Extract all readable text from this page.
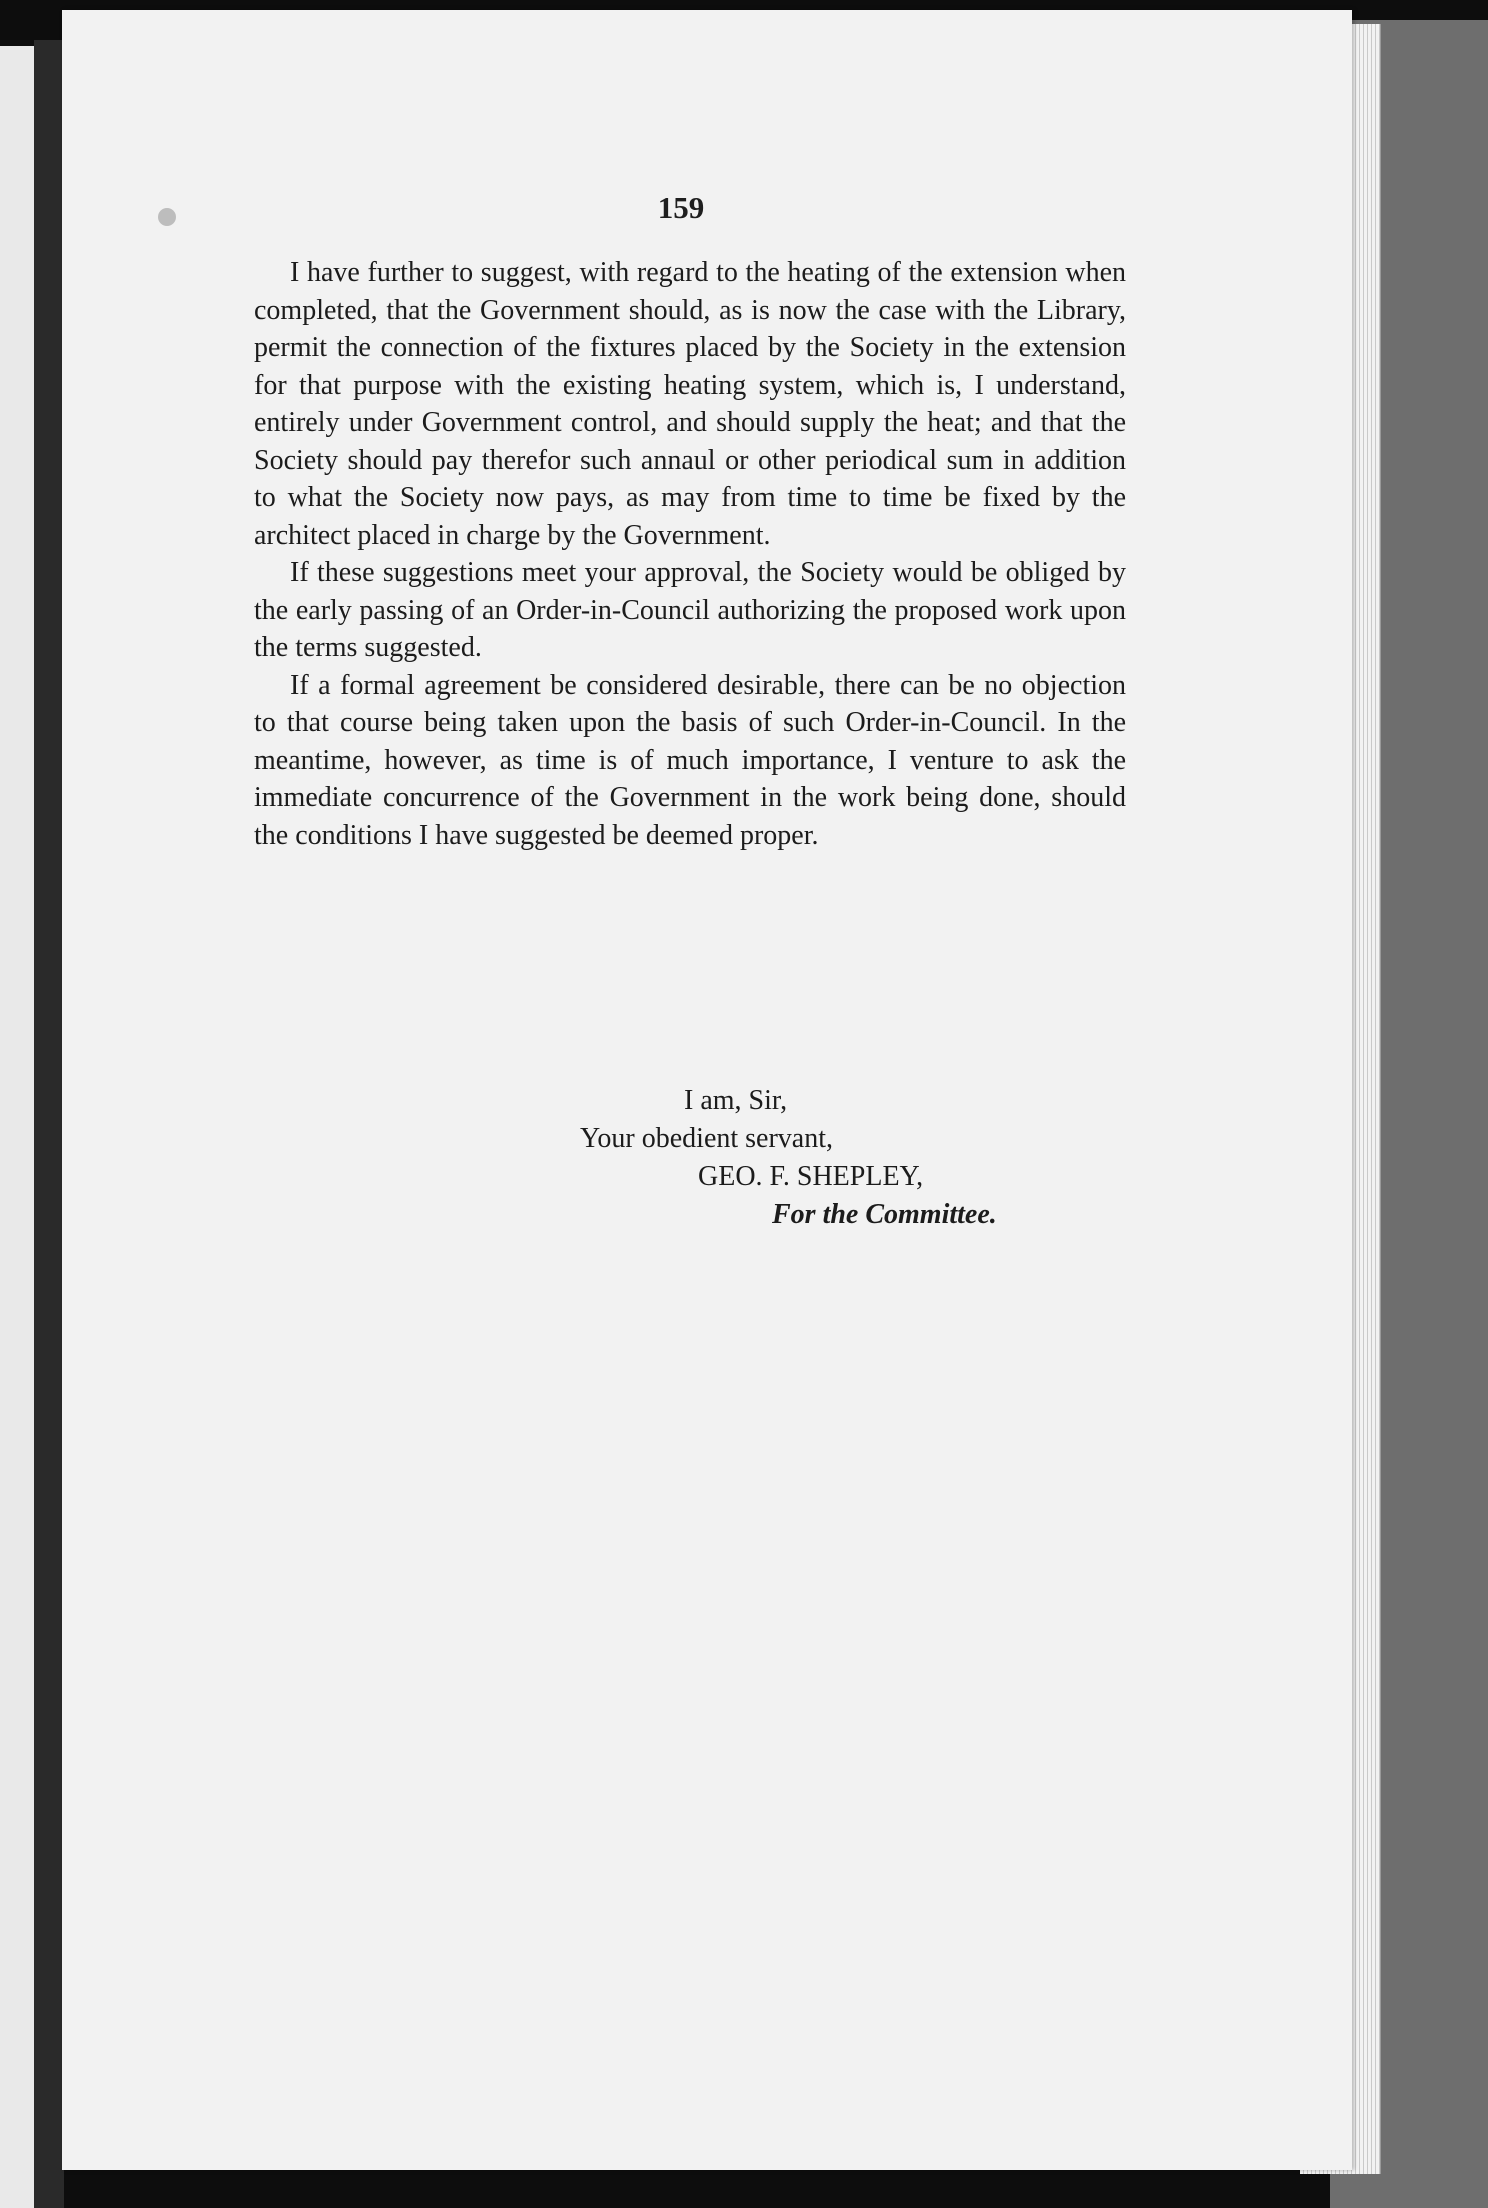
159

I have further to suggest, with regard to the heating of the extension when completed, that the Government should, as is now the case with the Library, permit the connection of the fixtures placed by the Society in the extension for that purpose with the existing heating system, which is, I understand, entirely under Government control, and should supply the heat; and that the Society should pay therefor such annaul or other periodical sum in addition to what the Society now pays, as may from time to time be fixed by the architect placed in charge by the Government.

If these suggestions meet your approval, the Society would be obliged by the early passing of an Order-in-Council authorizing the proposed work upon the terms suggested.

If a formal agreement be considered desirable, there can be no objection to that course being taken upon the basis of such Order-in-Council. In the meantime, however, as time is of much importance, I venture to ask the immediate concurrence of the Government in the work being done, should the conditions I have suggested be deemed proper.

I am, Sir,
Your obedient servant,
GEO. F. SHEPLEY,
For the Committee.
